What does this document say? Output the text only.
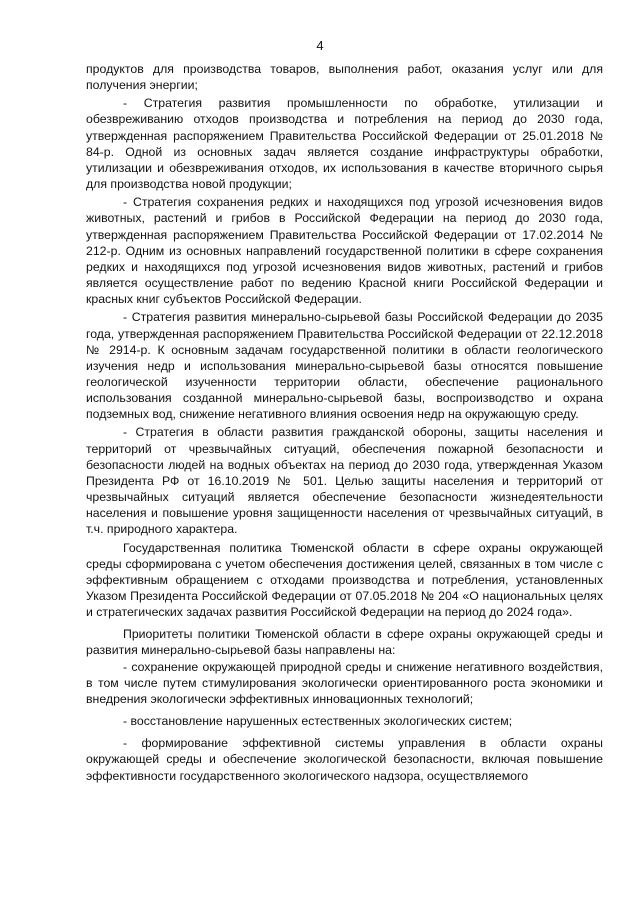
4

продуктов для производства товаров, выполнения работ, оказания услуг или для получения энергии;

- Стратегия развития промышленности по обработке, утилизации и обезвреживанию отходов производства и потребления на период до 2030 года, утвержденная распоряжением Правительства Российской Федерации от 25.01.2018 № 84-р. Одной из основных задач является создание инфраструктуры обработки, утилизации и обезвреживания отходов, их использования в качестве вторичного сырья для производства новой продукции;

- Стратегия сохранения редких и находящихся под угрозой исчезновения видов животных, растений и грибов в Российской Федерации на период до 2030 года, утвержденная распоряжением Правительства Российской Федерации от 17.02.2014 № 212-р. Одним из основных направлений государственной политики в сфере сохранения редких и находящихся под угрозой исчезновения видов животных, растений и грибов является осуществление работ по ведению Красной книги Российской Федерации и красных книг субъектов Российской Федерации.

- Стратегия развития минерально-сырьевой базы Российской Федерации до 2035 года, утвержденная распоряжением Правительства Российской Федерации от 22.12.2018 № 2914-р. К основным задачам государственной политики в области геологического изучения недр и использования минерально-сырьевой базы относятся повышение геологической изученности территории области, обеспечение рационального использования созданной минерально-сырьевой базы, воспроизводство и охрана подземных вод, снижение негативного влияния освоения недр на окружающую среду.

- Стратегия в области развития гражданской обороны, защиты населения и территорий от чрезвычайных ситуаций, обеспечения пожарной безопасности и безопасности людей на водных объектах на период до 2030 года, утвержденная Указом Президента РФ от 16.10.2019 № 501. Целью защиты населения и территорий от чрезвычайных ситуаций является обеспечение безопасности жизнедеятельности населения и повышение уровня защищенности населения от чрезвычайных ситуаций, в т.ч. природного характера.

Государственная политика Тюменской области в сфере охраны окружающей среды сформирована с учетом обеспечения достижения целей, связанных в том числе с эффективным обращением с отходами производства и потребления, установленных Указом Президента Российской Федерации от 07.05.2018 № 204 «О национальных целях и стратегических задачах развития Российской Федерации на период до 2024 года».

Приоритеты политики Тюменской области в сфере охраны окружающей среды и развития минерально-сырьевой базы направлены на:

- сохранение окружающей природной среды и снижение негативного воздействия, в том числе путем стимулирования экологически ориентированного роста экономики и внедрения экологически эффективных инновационных технологий;

- восстановление нарушенных естественных экологических систем;

- формирование эффективной системы управления в области охраны окружающей среды и обеспечение экологической безопасности, включая повышение эффективности государственного экологического надзора, осуществляемого
